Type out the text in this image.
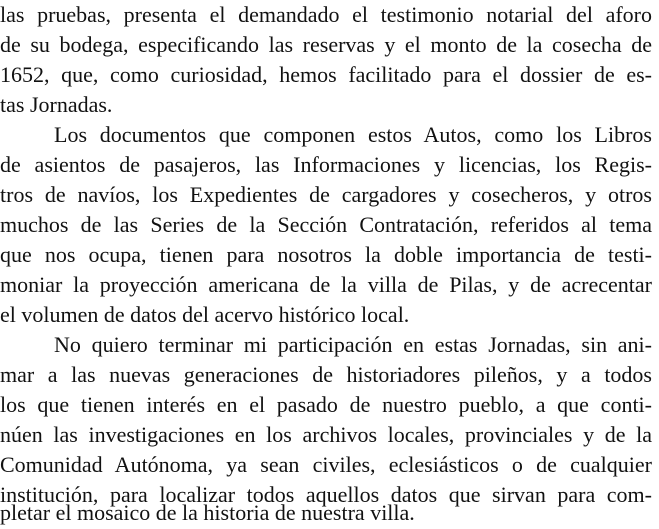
las pruebas, presenta el demandado el testimonio notarial del aforo
de su bodega, especificando las reservas y el monto de la cosecha de
1652, que, como curiosidad, hemos facilitado para el dossier de es-
tas Jornadas.
Los documentos que componen estos Autos, como los Libros
de asientos de pasajeros, las Informaciones y licencias, los Regis-
tros de navíos, los Expedientes de cargadores y cosecheros, y otros
muchos de las Series de la Sección Contratación, referidos al tema
que nos ocupa, tienen para nosotros la doble importancia de testi-
moniar la proyección americana de la villa de Pilas, y de acrecentar
el volumen de datos del acervo histórico local.
No quiero terminar mi participación en estas Jornadas, sin ani-
mar a las nuevas generaciones de historiadores pileños, y a todos
los que tienen interés en el pasado de nuestro pueblo, a que conti-
núen las investigaciones en los archivos locales, provinciales y de la
Comunidad Autónoma, ya sean civiles, eclesiásticos o de cualquier
institución, para localizar todos aquellos datos que sirvan para com-
pletar el mosaico de la historia de nuestra villa.
